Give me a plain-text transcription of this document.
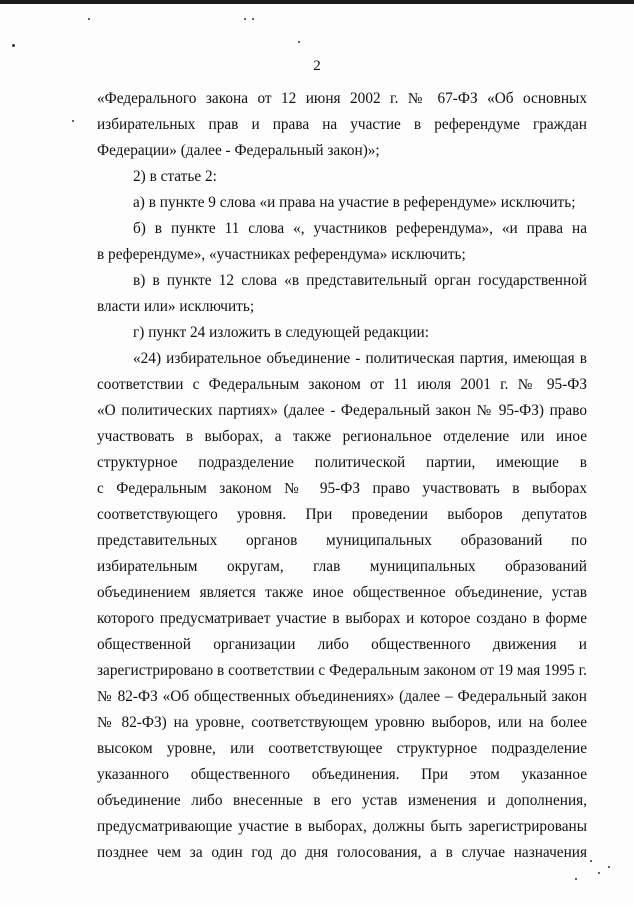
2
«Федерального закона от 12 июня 2002 г. № 67-ФЗ «Об основных
избирательных прав и права на участие в референдуме граждан
Федерации» (далее - Федеральный закон)»;
2) в статье 2:
а) в пункте 9 слова «и права на участие в референдуме» исключить;
б) в пункте 11 слова «, участников референдума», «и права на
в референдуме», «участниках референдума» исключить;
в) в пункте 12 слова «в представительный орган государственной
власти или» исключить;
г) пункт 24 изложить в следующей редакции:
«24) избирательное объединение - политическая партия, имеющая в
соответствии с Федеральным законом от 11 июля 2001 г. № 95-ФЗ
«О политических партиях» (далее - Федеральный закон № 95-ФЗ) право
участвовать в выборах, а также региональное отделение или иное
структурное подразделение политической партии, имеющие в
с Федеральным законом № 95-ФЗ право участвовать в выборах
соответствующего уровня. При проведении выборов депутатов
представительных органов муниципальных образований по
избирательным округам, глав муниципальных образований
объединением является также иное общественное объединение, устав
которого предусматривает участие в выборах и которое создано в форме
общественной организации либо общественного движения и
зарегистрировано в соответствии с Федеральным законом от 19 мая 1995 г.
№ 82-ФЗ «Об общественных объединениях» (далее – Федеральный закон
№ 82-ФЗ) на уровне, соответствующем уровню выборов, или на более
высоком уровне, или соответствующее структурное подразделение
указанного общественного объединения. При этом указанное
объединение либо внесенные в его устав изменения и дополнения,
предусматривающие участие в выборах, должны быть зарегистрированы
позднее чем за один год до дня голосования, а в случае назначения
